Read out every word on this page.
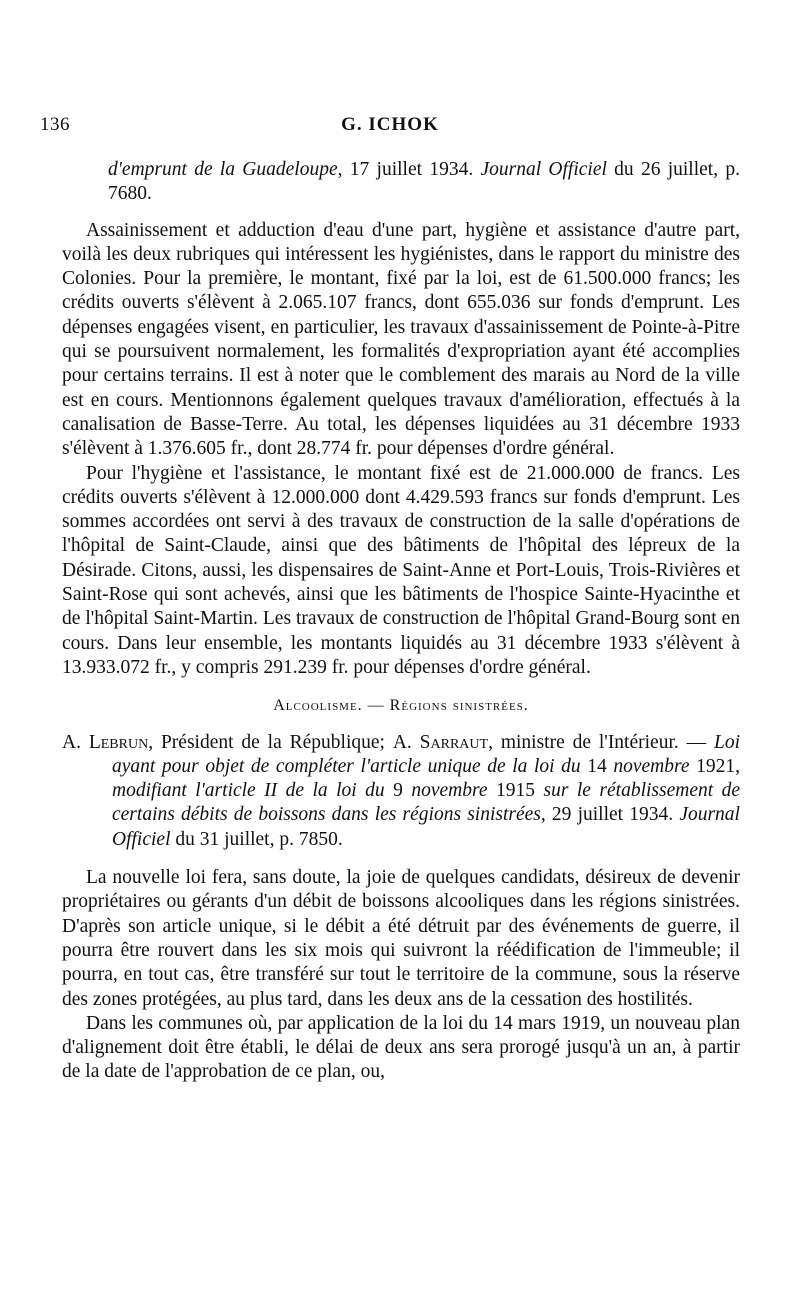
136	G. ICHOK

d'emprunt de la Guadeloupe, 17 juillet 1934. Journal Officiel du 26 juillet, p. 7680.

Assainissement et adduction d'eau d'une part, hygiène et assistance d'autre part, voilà les deux rubriques qui intéressent les hygiénistes, dans le rapport du ministre des Colonies. Pour la première, le montant, fixé par la loi, est de 61.500.000 francs; les crédits ouverts s'élèvent à 2.065.107 francs, dont 655.036 sur fonds d'emprunt. Les dépenses engagées visent, en particulier, les travaux d'assainissement de Pointe-à-Pitre qui se poursuivent normalement, les formalités d'expropriation ayant été accomplies pour certains terrains. Il est à noter que le comblement des marais au Nord de la ville est en cours. Mentionnons également quelques travaux d'amélioration, effectués à la canalisation de Basse-Terre. Au total, les dépenses liquidées au 31 décembre 1933 s'élèvent à 1.376.605 fr., dont 28.774 fr. pour dépenses d'ordre général.

Pour l'hygiène et l'assistance, le montant fixé est de 21.000.000 de francs. Les crédits ouverts s'élèvent à 12.000.000 dont 4.429.593 francs sur fonds d'emprunt. Les sommes accordées ont servi à des travaux de construction de la salle d'opérations de l'hôpital de Saint-Claude, ainsi que des bâtiments de l'hôpital des lépreux de la Désirade. Citons, aussi, les dispensaires de Saint-Anne et Port-Louis, Trois-Rivières et Saint-Rose qui sont achevés, ainsi que les bâtiments de l'hospice Sainte-Hyacinthe et de l'hôpital Saint-Martin. Les travaux de construction de l'hôpital Grand-Bourg sont en cours. Dans leur ensemble, les montants liquidés au 31 décembre 1933 s'élèvent à 13.933.072 fr., y compris 291.239 fr. pour dépenses d'ordre général.

Alcoolisme. — Régions sinistrées.

A. Lebrun, Président de la République; A. Sarraut, ministre de l'Intérieur. — Loi ayant pour objet de compléter l'article unique de la loi du 14 novembre 1921, modifiant l'article II de la loi du 9 novembre 1915 sur le rétablissement de certains débits de boissons dans les régions sinistrées, 29 juillet 1934. Journal Officiel du 31 juillet, p. 7850.

La nouvelle loi fera, sans doute, la joie de quelques candidats, désireux de devenir propriétaires ou gérants d'un débit de boissons alcooliques dans les régions sinistrées. D'après son article unique, si le débit a été détruit par des événements de guerre, il pourra être rouvert dans les six mois qui suivront la réédification de l'immeuble; il pourra, en tout cas, être transféré sur tout le territoire de la commune, sous la réserve des zones protégées, au plus tard, dans les deux ans de la cessation des hostilités.

Dans les communes où, par application de la loi du 14 mars 1919, un nouveau plan d'alignement doit être établi, le délai de deux ans sera prorogé jusqu'à un an, à partir de la date de l'approbation de ce plan, ou,
